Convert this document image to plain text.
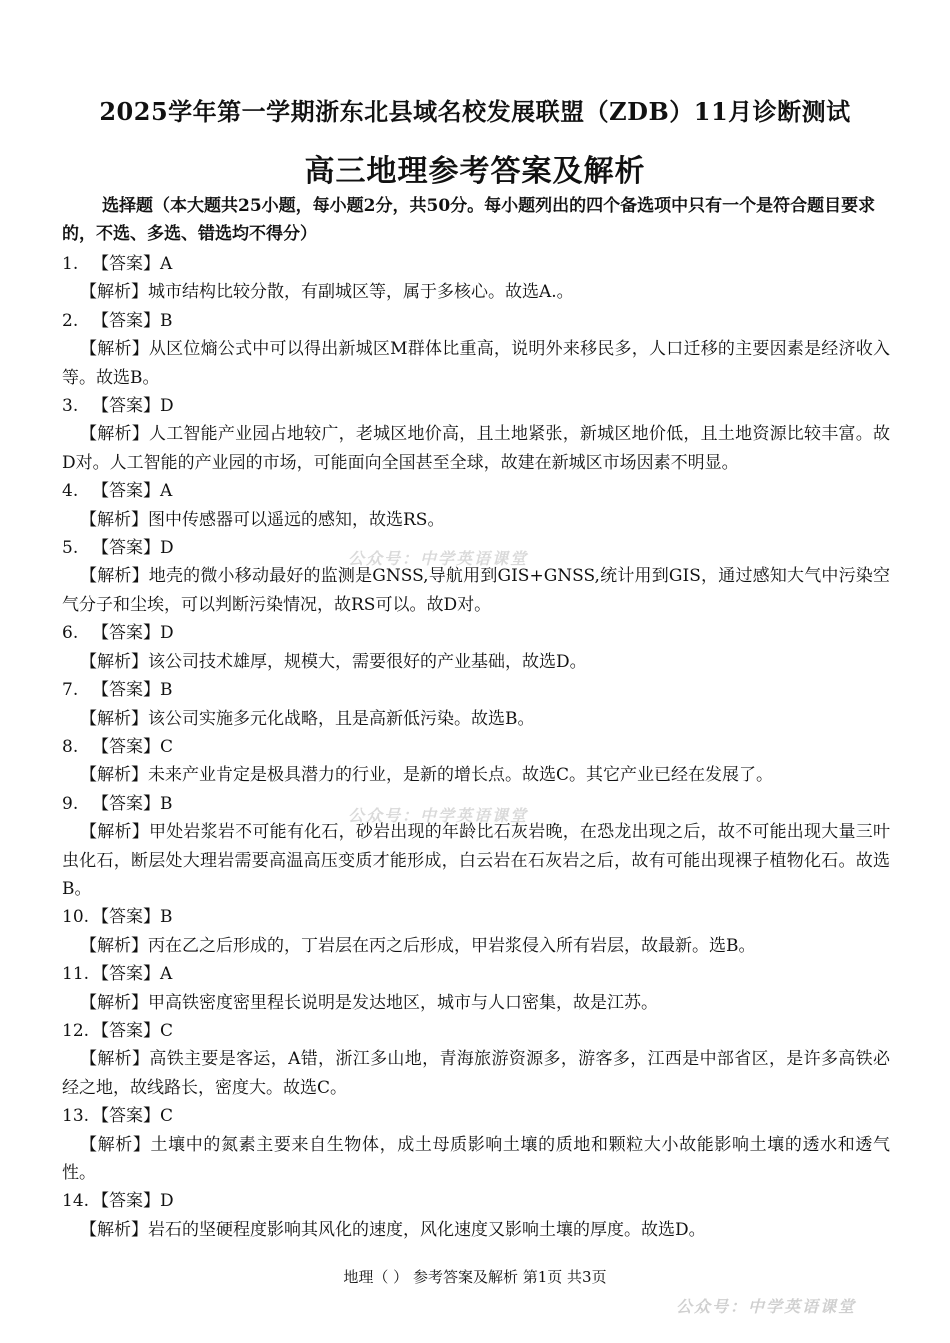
2025学年第一学期浙东北县域名校发展联盟（ZDB）11月诊断测试
高三地理参考答案及解析
选择题（本大题共25小题，每小题2分，共50分。每小题列出的四个备选项中只有一个是符合题目要求的，不选、多选、错选均不得分）

1. 【答案】A

【解析】城市结构比较分散，有副城区等，属于多核心。故选A.。

2. 【答案】B

【解析】从区位熵公式中可以得出新城区M群体比重高，说明外来移民多，人口迁移的主要因素是经济收入等。故选B。

3. 【答案】D

【解析】人工智能产业园占地较广，老城区地价高，且土地紧张，新城区地价低，且土地资源比较丰富。故D对。人工智能的产业园的市场，可能面向全国甚至全球，故建在新城区市场因素不明显。

4. 【答案】A

【解析】图中传感器可以遥远的感知，故选RS。

5. 【答案】D

【解析】地壳的微小移动最好的监测是GNSS,导航用到GIS+GNSS,统计用到GIS，通过感知大气中污染空气分子和尘埃，可以判断污染情况，故RS可以。故D对。

6. 【答案】D

【解析】该公司技术雄厚，规模大，需要很好的产业基础，故选D。

7. 【答案】B

【解析】该公司实施多元化战略，且是高新低污染。故选B。

8. 【答案】C

【解析】未来产业肯定是极具潜力的行业，是新的增长点。故选C。其它产业已经在发展了。

9. 【答案】B

【解析】甲处岩浆岩不可能有化石，砂岩出现的年龄比石灰岩晚，在恐龙出现之后，故不可能出现大量三叶虫化石，断层处大理岩需要高温高压变质才能形成，白云岩在石灰岩之后，故有可能出现裸子植物化石。故选B。

10. 【答案】B

【解析】丙在乙之后形成的，丁岩层在丙之后形成，甲岩浆侵入所有岩层，故最新。选B。

11. 【答案】A

【解析】甲高铁密度密里程长说明是发达地区，城市与人口密集，故是江苏。

12. 【答案】C

【解析】高铁主要是客运，A错，浙江多山地，青海旅游资源多，游客多，江西是中部省区，是许多高铁必经之地，故线路长，密度大。故选C。

13. 【答案】C

【解析】土壤中的氮素主要来自生物体，成土母质影响土壤的质地和颗粒大小故能影响土壤的透水和透气性。

14. 【答案】D

【解析】岩石的坚硬程度影响其风化的速度，风化速度又影响土壤的厚度。故选D。

公众号：中学英语课堂
公众号：中学英语课堂
地理（ ） 参考答案及解析 第1页 共3页
公众号：中学英语课堂
